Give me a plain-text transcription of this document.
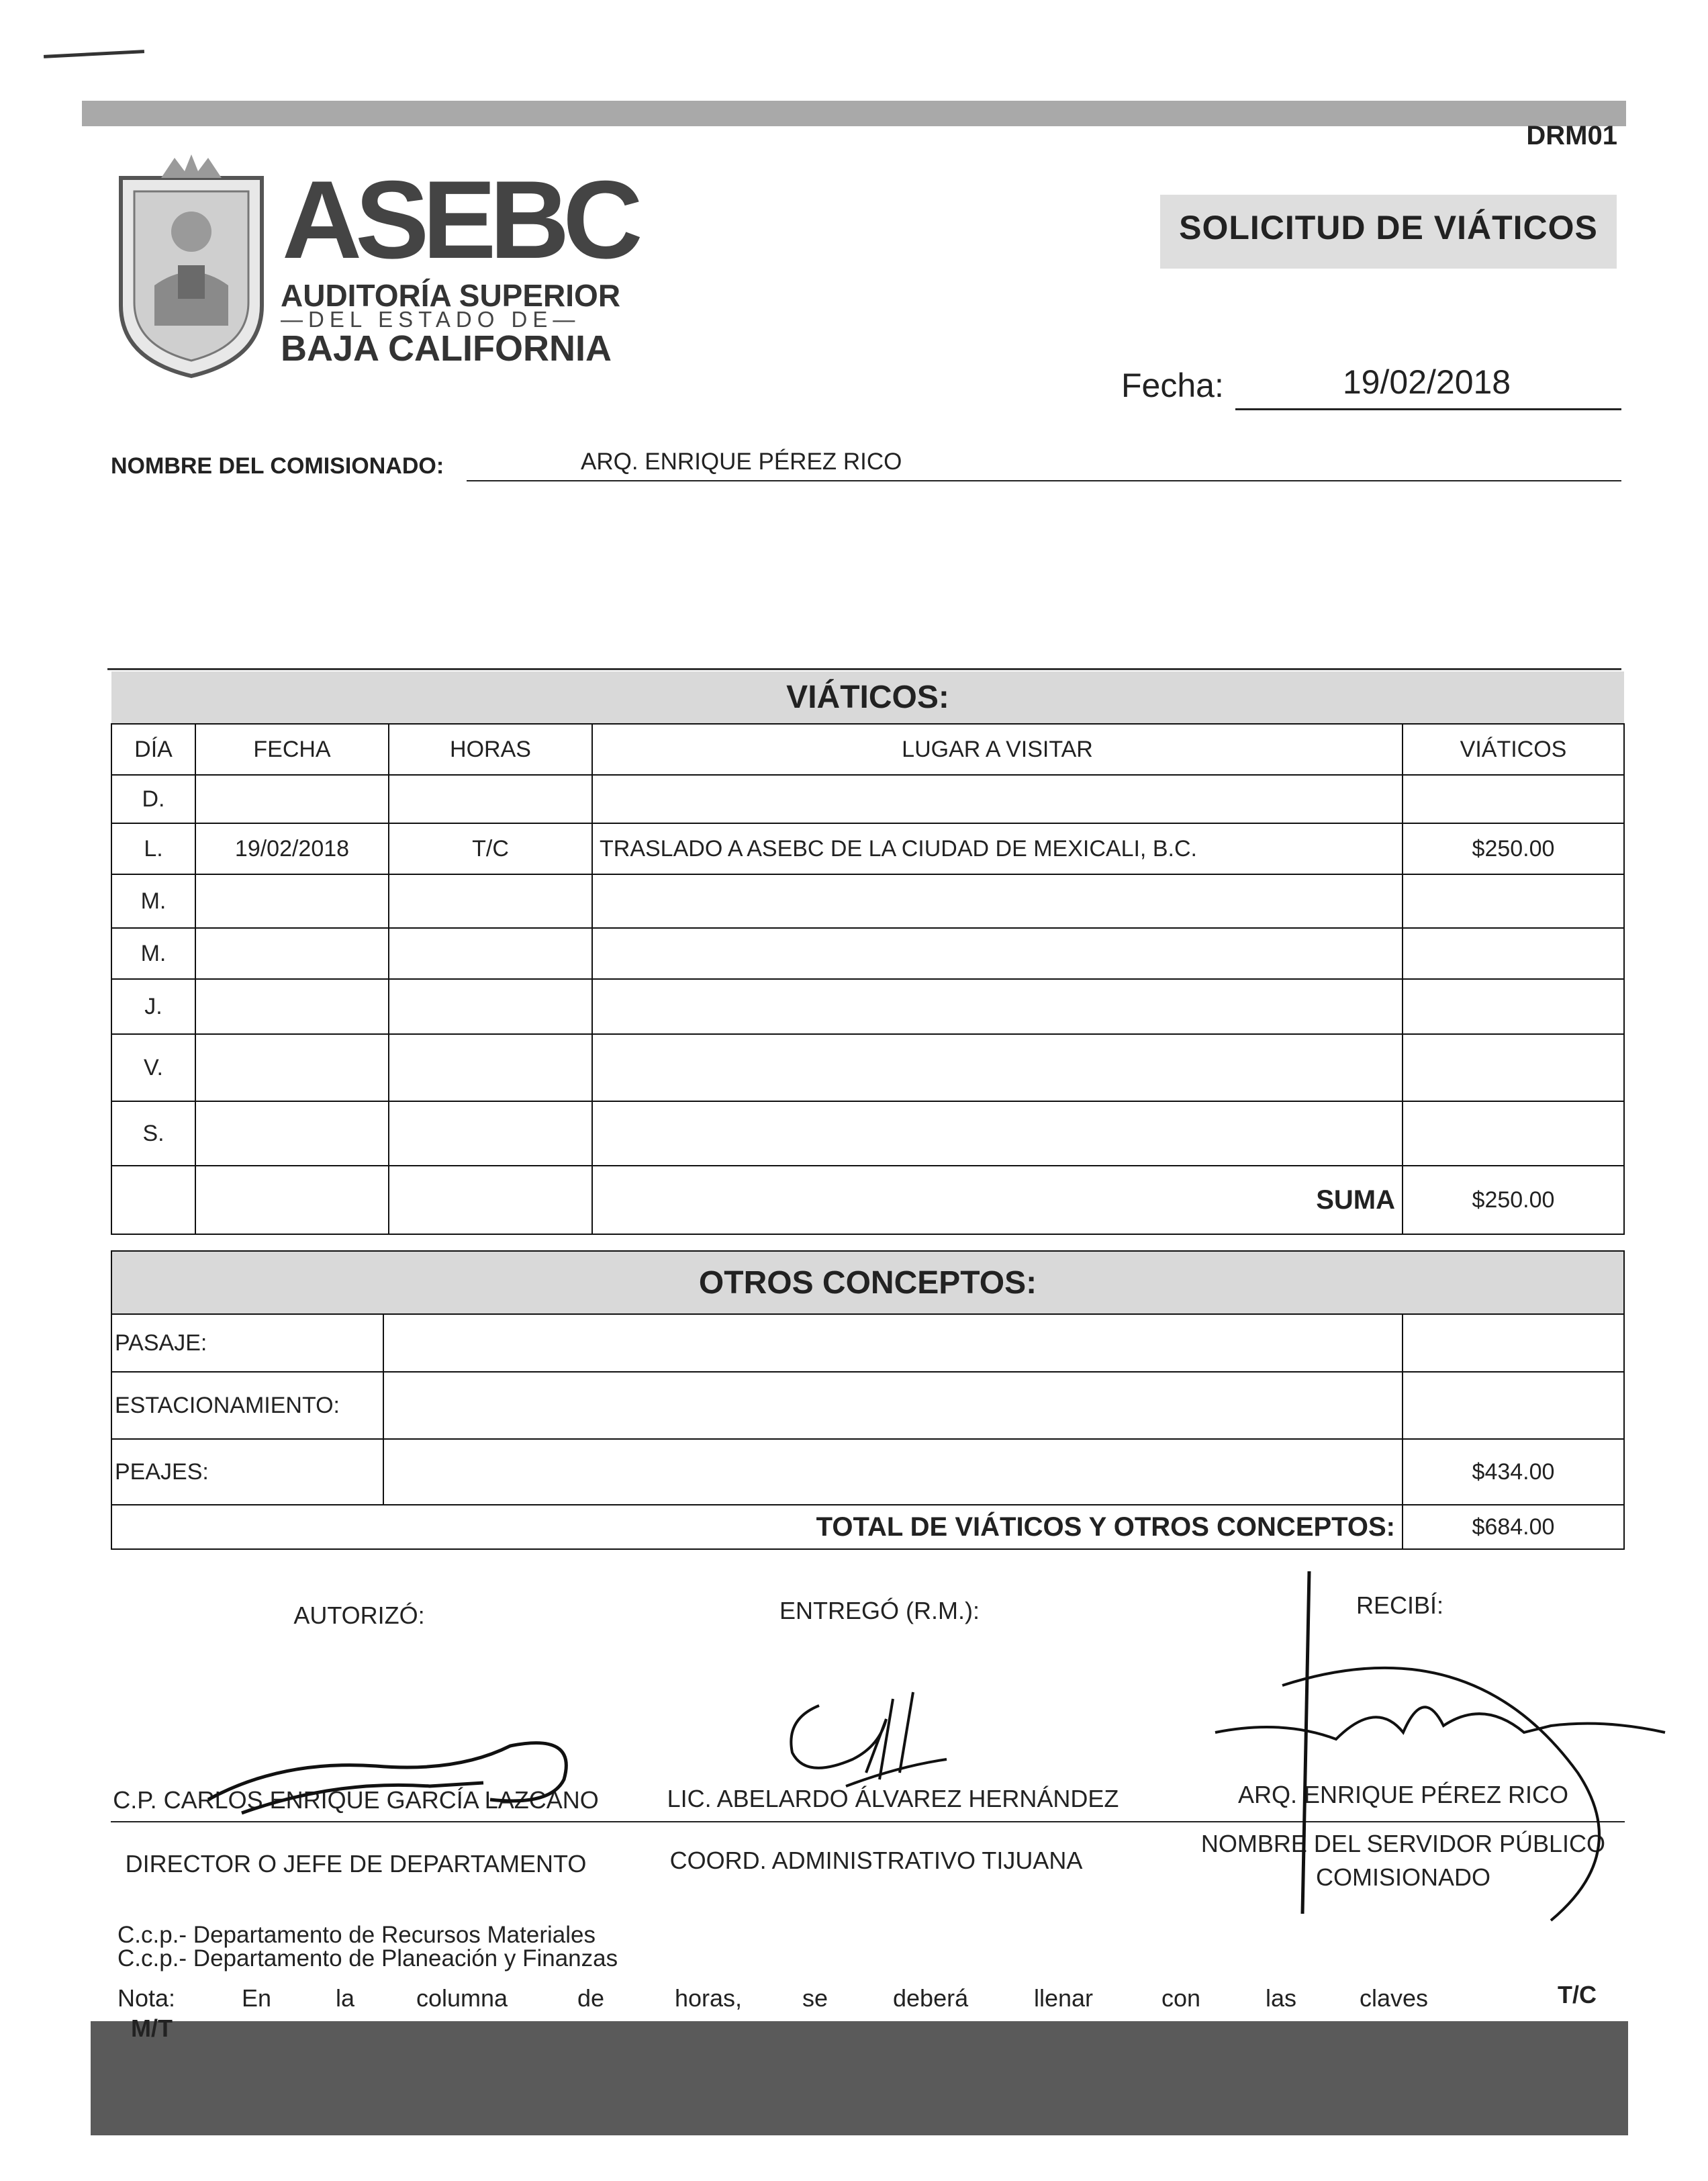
DRM01
SOLICITUD DE VIÁTICOS
ASEBC
AUDITORÍA SUPERIOR
—DEL ESTADO DE—
BAJA CALIFORNIA
Fecha:	19/02/2018
NOMBRE DEL COMISIONADO:	ARQ. ENRIQUE PÉREZ RICO
VIÁTICOS:				
DÍA	FECHA	HORAS	LUGAR A VISITAR	VIÁTICOS
D.				
L.	19/02/2018	T/C	TRASLADO A ASEBC DE LA CIUDAD DE MEXICALI, B.C.	$250.00
M.				
M.				
J.				
V.				
S.				
			SUMA	$250.00
OTROS CONCEPTOS:		
PASAJE:		
ESTACIONAMIENTO:		
PEAJES:		$434.00
TOTAL DE VIÁTICOS Y OTROS CONCEPTOS:		$684.00
AUTORIZÓ:	ENTREGÓ (R.M.):	RECIBÍ:
C.P. CARLOS ENRIQUE GARCÍA LAZCANO	LIC. ABELARDO ÁLVAREZ HERNÁNDEZ	ARQ. ENRIQUE PÉREZ RICO
DIRECTOR O JEFE DE DEPARTAMENTO	COORD. ADMINISTRATIVO TIJUANA
NOMBRE DEL SERVIDOR PÚBLICO
COMISIONADO
C.c.p.- Departamento de Recursos Materiales
C.c.p.- Departamento de Planeación y Finanzas
Nota:	En	la	columna	de	horas, se	deberá	llenar	con	las	claves	T/C
M/T
